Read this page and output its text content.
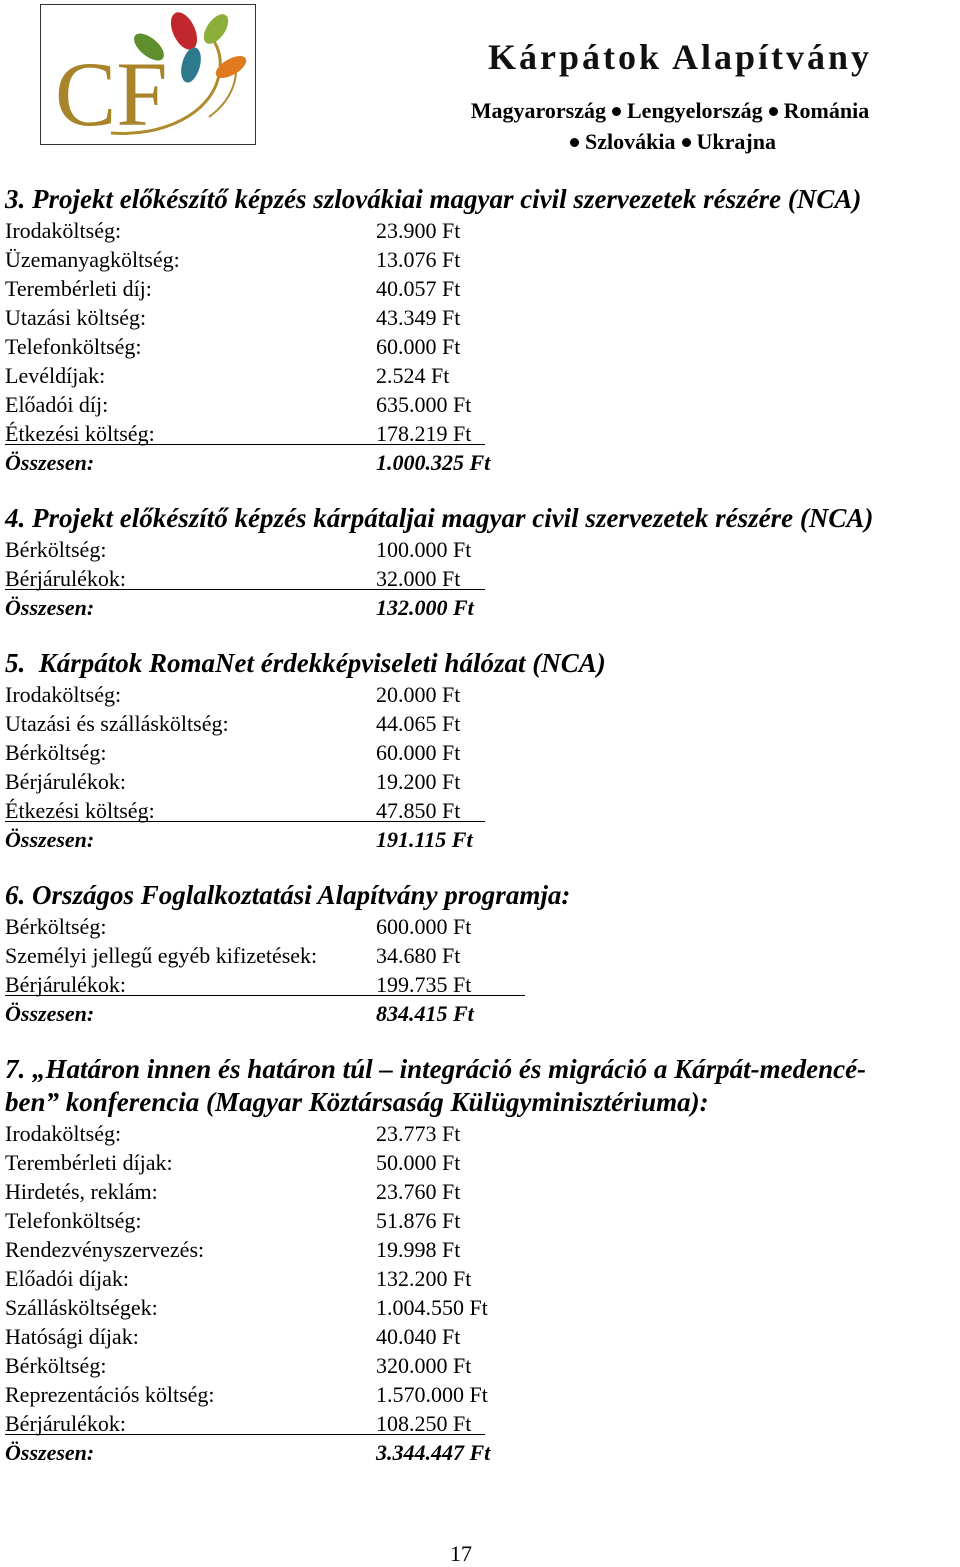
CF	Kárpátok Alapítvány
Magyarország Lengyelország Románia
Szlovákia Ukrajna
3. Projekt előkészítő képzés szlovákiai magyar civil szervezetek részére (NCA)
Irodaköltség:	23.900 Ft
Üzemanyagköltség:	13.076 Ft
Terembérleti díj:	40.057 Ft
Utazási költség:	43.349 Ft
Telefonköltség:	60.000 Ft
Levéldíjak:	2.524 Ft
Előadói díj:	635.000 Ft
Étkezési költség:	178.219 Ft
Összesen:	1.000.325 Ft
4. Projekt előkészítő képzés kárpátaljai magyar civil szervezetek részére (NCA)
Bérköltség:	100.000 Ft
Bérjárulékok:	32.000 Ft
Összesen:	132.000 Ft
5.  Kárpátok RomaNet érdekképviseleti hálózat (NCA)
Irodaköltség:	20.000 Ft
Utazási és szállásköltség:	44.065 Ft
Bérköltség:	60.000 Ft
Bérjárulékok:	19.200 Ft
Étkezési költség:	47.850 Ft
Összesen:	191.115 Ft
6. Országos Foglalkoztatási Alapítvány programja:
Bérköltség:	600.000 Ft
Személyi jellegű egyéb kifizetések:	34.680 Ft
Bérjárulékok:	199.735 Ft
Összesen:	834.415 Ft
7. „Határon innen és határon túl – integráció és migráció a Kárpát-medencé-
ben” konferencia (Magyar Köztársaság Külügyminisztériuma):
Irodaköltség:	23.773 Ft
Terembérleti díjak:	50.000 Ft
Hirdetés, reklám:	23.760 Ft
Telefonköltség:	51.876 Ft
Rendezvényszervezés:	19.998 Ft
Előadói díjak:	132.200 Ft
Szállásköltségek:	1.004.550 Ft
Hatósági díjak:	40.040 Ft
Bérköltség:	320.000 Ft
Reprezentációs költség:	1.570.000 Ft
Bérjárulékok:	108.250 Ft
Összesen:	3.344.447 Ft
17
